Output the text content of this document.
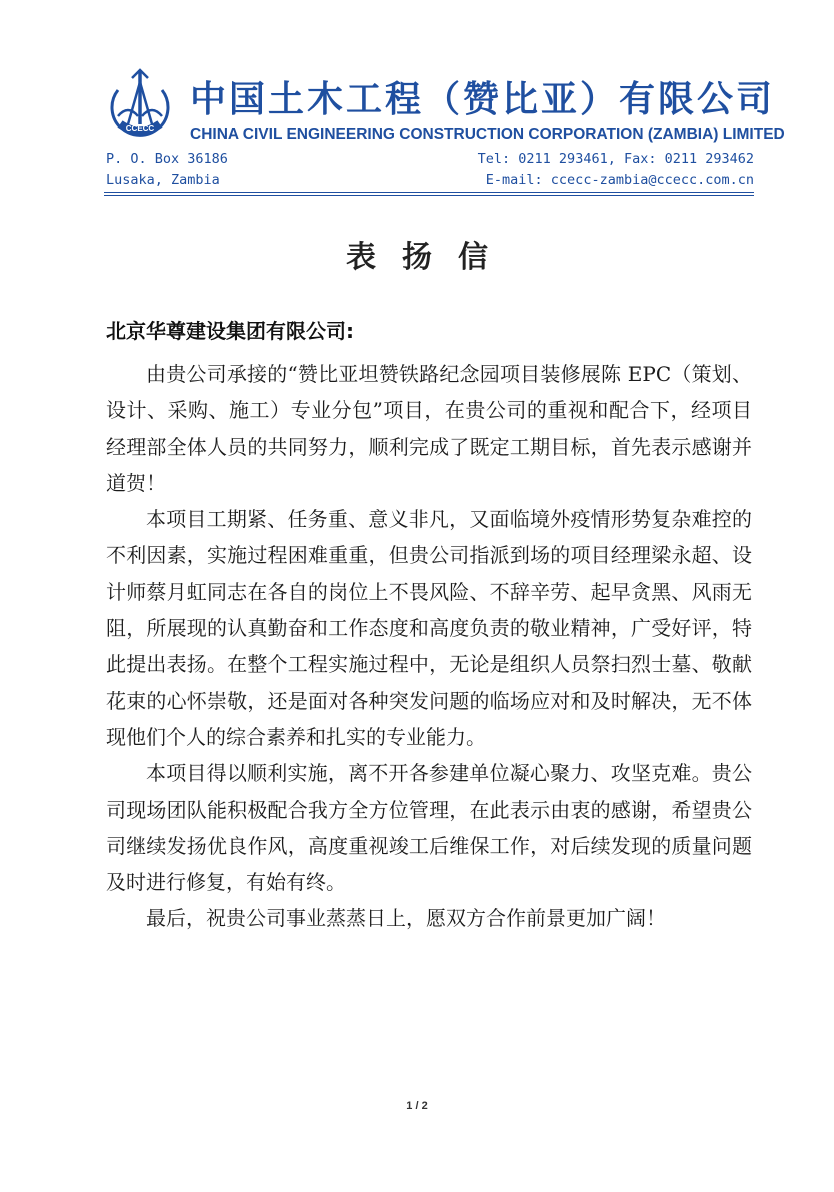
CCECC
中国土木工程（赞比亚）有限公司
CHINA CIVIL ENGINEERING CONSTRUCTION CORPORATION (ZAMBIA) LIMITED
P. O. Box 36186
Lusaka, Zambia
Tel: 0211 293461, Fax: 0211 293462
E-mail: ccecc-zambia@ccecc.com.cn
表扬信
北京华尊建设集团有限公司:

由贵公司承接的“赞比亚坦赞铁路纪念园项目装修展陈 EPC（策划、设计、采购、施工）专业分包”项目，在贵公司的重视和配合下，经项目经理部全体人员的共同努力，顺利完成了既定工期目标，首先表示感谢并道贺！

本项目工期紧、任务重、意义非凡，又面临境外疫情形势复杂难控的不利因素，实施过程困难重重，但贵公司指派到场的项目经理梁永超、设计师蔡月虹同志在各自的岗位上不畏风险、不辞辛劳、起早贪黑、风雨无阻，所展现的认真勤奋和工作态度和高度负责的敬业精神，广受好评，特此提出表扬。在整个工程实施过程中，无论是组织人员祭扫烈士墓、敬献花束的心怀崇敬，还是面对各种突发问题的临场应对和及时解决，无不体现他们个人的综合素养和扎实的专业能力。

本项目得以顺利实施，离不开各参建单位凝心聚力、攻坚克难。贵公司现场团队能积极配合我方全方位管理，在此表示由衷的感谢，希望贵公司继续发扬优良作风，高度重视竣工后维保工作，对后续发现的质量问题及时进行修复，有始有终。

最后，祝贵公司事业蒸蒸日上，愿双方合作前景更加广阔！

1 / 2
